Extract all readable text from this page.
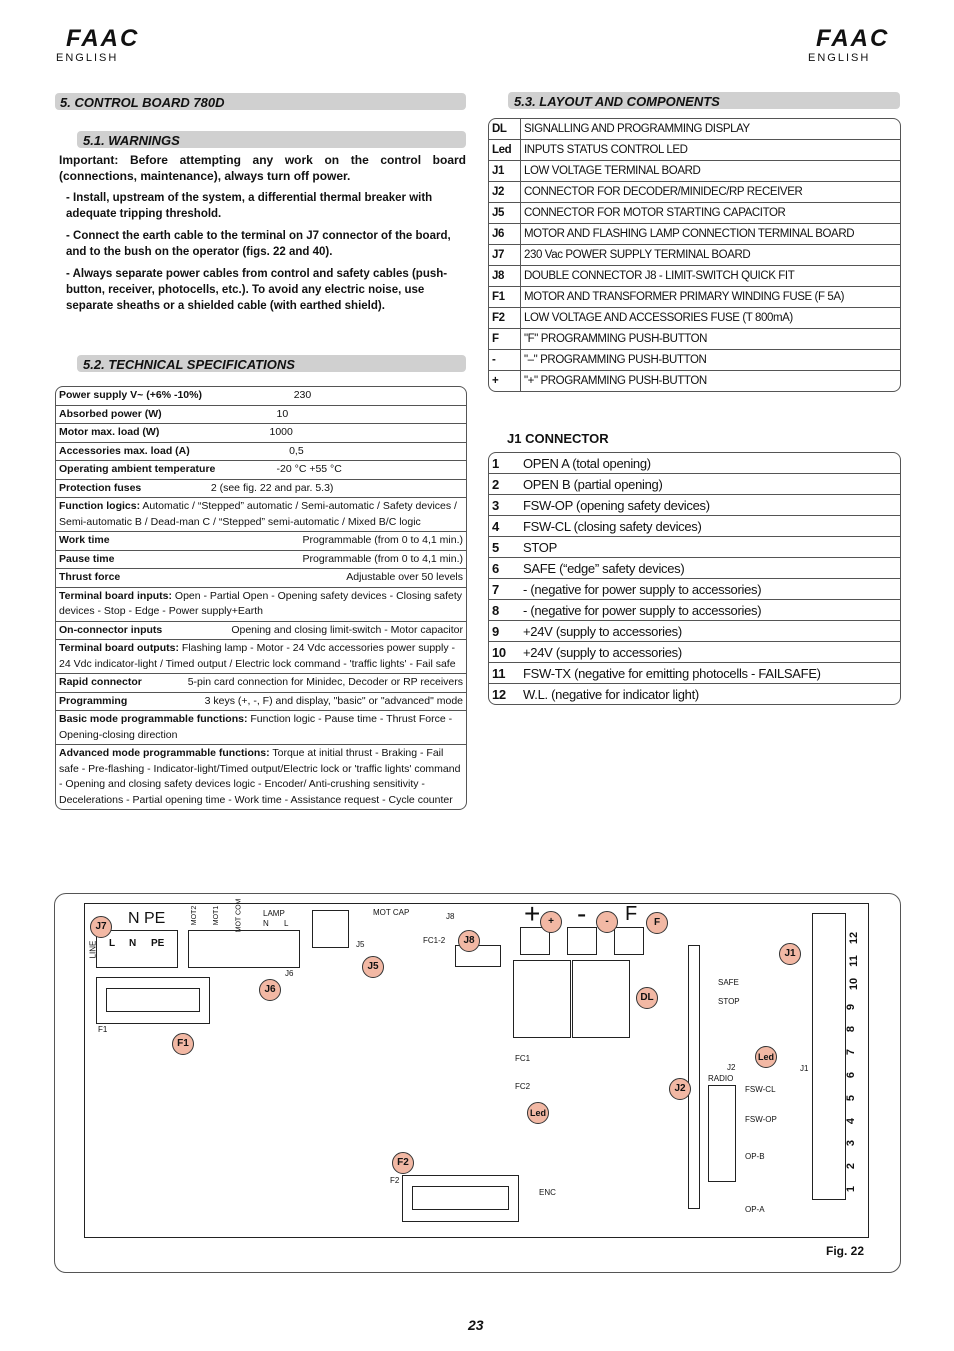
FAAC
ENGLISH
FAAC
ENGLISH
5. CONTROL BOARD 780D
5.1. WARNINGS
Important: Before attempting any work on the control board (connections, maintenance), always turn off power.
- Install, upstream of the system, a differential thermal breaker with adequate tripping threshold.
- Connect the earth cable to the terminal on J7 connector of the board, and to the bush on the operator (figs. 22 and 40).
- Always separate power cables from control and safety cables (push-button, receiver, photocells, etc.). To avoid any electric noise, use separate sheaths or a shielded cable (with earthed shield).
5.2. TECHNICAL SPECIFICATIONS
Power supply V~ (+6% -10%)	230

Absorbed power (W)	10

Motor max. load (W)	1000

Accessories max. load (A)	0,5

Operating ambient temperature	-20 °C +55 °C

Protection fuses	2 (see fig. 22 and par. 5.3)

Function logics: Automatic / “Stepped” automatic / Semi-automatic / Safety devices / Semi-automatic B / Dead-man C / “Stepped” semi-automatic / Mixed B/C logic

Work time	Programmable (from 0 to 4,1 min.)

Pause time	Programmable (from 0 to 4,1 min.)

Thrust force	Adjustable over 50 levels

Terminal board inputs: Open - Partial Open - Opening safety devices - Closing safety devices - Stop - Edge - Power supply+Earth

On-connector inputs	Opening and closing limit-switch - Motor capacitor

Terminal board outputs: Flashing lamp - Motor - 24 Vdc accessories power supply - 24 Vdc indicator-light / Timed output / Electric lock command - 'traffic lights' - Fail safe

Rapid connector	5-pin card connection for Minidec, Decoder or RP receivers

Programming	3 keys (+, -, F) and display, "basic" or "advanced" mode

Basic mode programmable functions: Function logic - Pause time - Thrust Force - Opening-closing direction
Advanced mode programmable functions: Torque at initial thrust - Braking - Fail safe - Pre-flashing - Indicator-light/Timed output/Electric lock or 'traffic lights' command - Opening and closing safety devices logic - Encoder/ Anti-crushing sensitivity - Decelerations - Partial opening time - Work time - Assistance request - Cycle counter
5.3. LAYOUT AND COMPONENTS
DL	SIGNALLING AND PROGRAMMING DISPLAY
Led	INPUTS STATUS CONTROL LED
J1	LOW VOLTAGE TERMINAL BOARD
J2	CONNECTOR FOR DECODER/MINIDEC/RP RECEIVER
J5	CONNECTOR FOR MOTOR STARTING CAPACITOR
J6	MOTOR AND FLASHING LAMP CONNECTION TERMINAL BOARD
J7	230 Vac POWER SUPPLY TERMINAL BOARD
J8	DOUBLE CONNECTOR J8 - LIMIT-SWITCH QUICK FIT
F1	MOTOR AND TRANSFORMER PRIMARY WINDING FUSE (F 5A)
F2	LOW VOLTAGE AND ACCESSORIES FUSE (T 800mA)
F	"F" PROGRAMMING PUSH-BUTTON
-	"–" PROGRAMMING PUSH-BUTTON
+	"+" PROGRAMMING PUSH-BUTTON
J1 CONNECTOR
1	OPEN A (total opening)
2	OPEN B (partial opening)
3	FSW-OP (opening safety devices)
4	FSW-CL (closing safety devices)
5	STOP
6	SAFE (“edge” safety devices)
7	- (negative for power supply to accessories)
8	- (negative for power supply to accessories)
9	+24V (supply to accessories)
10	+24V (supply to accessories)
11	FSW-TX (negative for emitting photocells - FAILSAFE)
12	W.L. (negative for indicator light)
N PE
LINE L N PE
MOT2 MOT1 MOT COM	LAMP
N L
J6
MOT CAP
J5
J8
FC1-2
F1
+ - F
FC1
FC2
ENC
F2
J2
RADIO
SAFE
STOP
FSW-CL
FSW-OP
OP-B
OP-A
J1
1
2
3
4
5
6
7
8
9
10
11
12
J7
J8
J5
J6
F1
F2
+	-	F
DL
J1
Led
J2
Led
Fig. 22
23
